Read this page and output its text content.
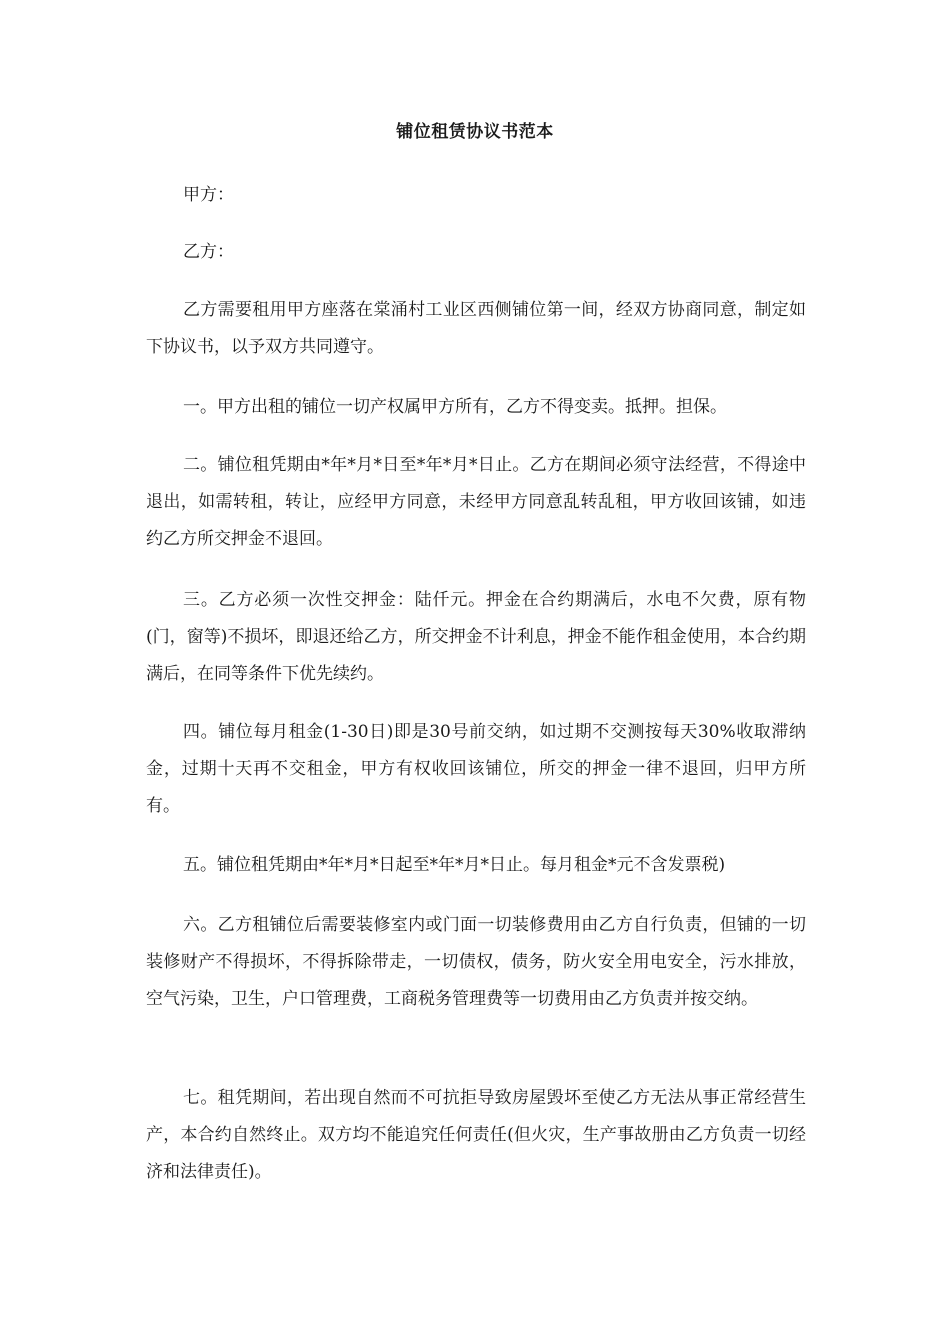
铺位租赁协议书范本
甲方：
乙方：
乙方需要租用甲方座落在棠涌村工业区西侧铺位第一间，经双方协商同意，制定如下协议书，以予双方共同遵守。
一。甲方出租的铺位一切产权属甲方所有，乙方不得变卖。抵押。担保。
二。铺位租凭期由*年*月*日至*年*月*日止。乙方在期间必须守法经营，不得途中退出，如需转租，转让，应经甲方同意，未经甲方同意乱转乱租，甲方收回该铺，如违约乙方所交押金不退回。
三。乙方必须一次性交押金：陆仟元。押金在合约期满后，水电不欠费，原有物(门，窗等)不损坏，即退还给乙方，所交押金不计利息，押金不能作租金使用，本合约期满后，在同等条件下优先续约。
四。铺位每月租金(1-30日)即是30号前交纳，如过期不交测按每天30%收取滞纳金，过期十天再不交租金，甲方有权收回该铺位，所交的押金一律不退回，归甲方所有。
五。铺位租凭期由*年*月*日起至*年*月*日止。每月租金*元不含发票税)
六。乙方租铺位后需要装修室内或门面一切装修费用由乙方自行负责，但铺的一切装修财产不得损坏，不得拆除带走，一切债权，债务，防火安全用电安全，污水排放，空气污染，卫生，户口管理费，工商税务管理费等一切费用由乙方负责并按交纳。
七。租凭期间，若出现自然而不可抗拒导致房屋毁坏至使乙方无法从事正常经营生产，本合约自然终止。双方均不能追究任何责任(但火灾，生产事故册由乙方负责一切经济和法律责任)。
